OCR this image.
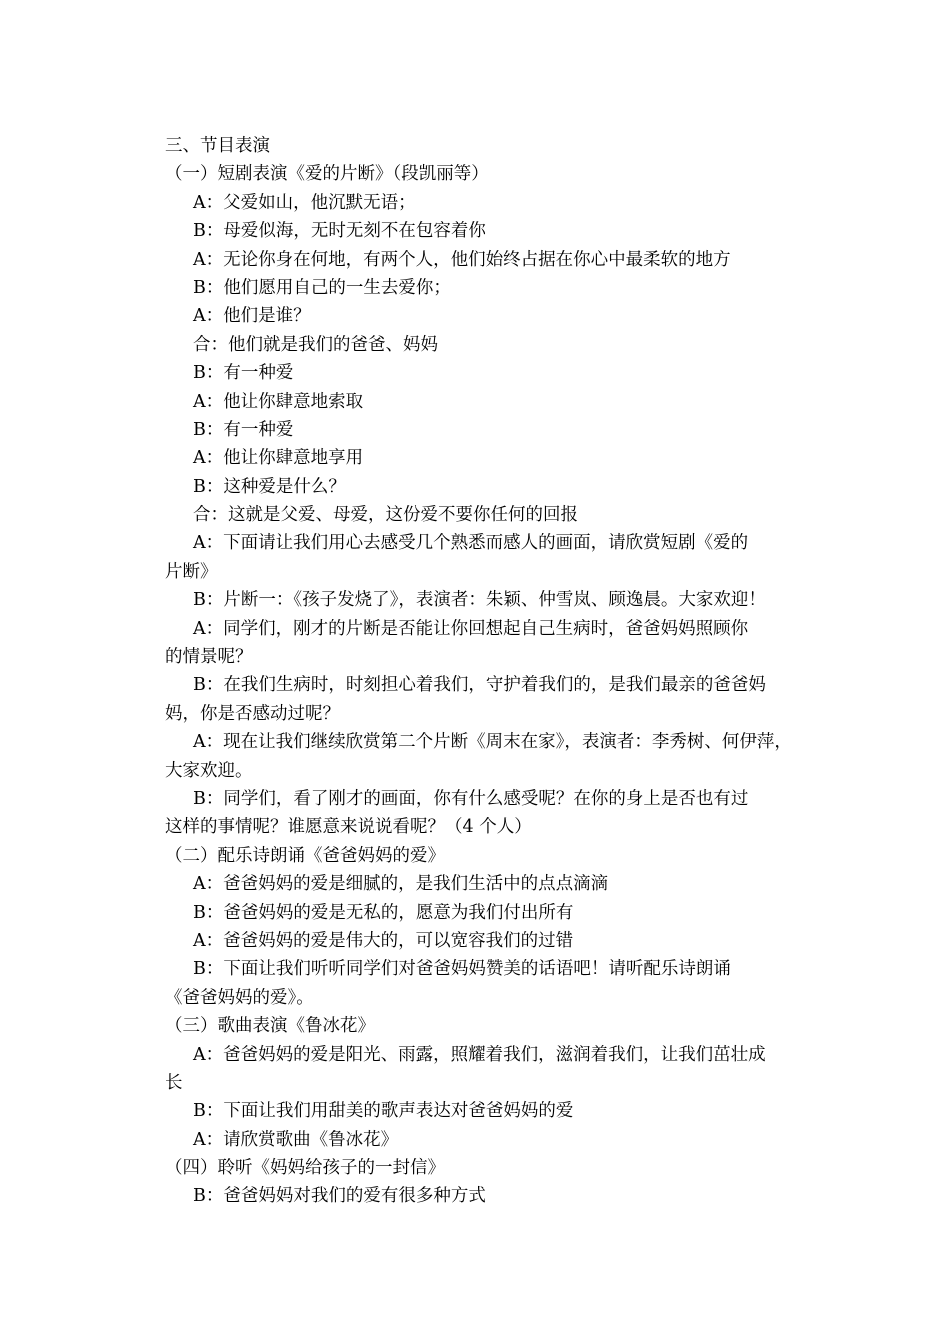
三、节目表演
（一）短剧表演《爱的片断》（段凯丽等）
A：父爱如山，他沉默无语；
B：母爱似海，无时无刻不在包容着你
A：无论你身在何地，有两个人，他们始终占据在你心中最柔软的地方
B：他们愿用自己的一生去爱你；
A：他们是谁？
合：他们就是我们的爸爸、妈妈
B：有一种爱
A：他让你肆意地索取
B：有一种爱
A：他让你肆意地享用
B：这种爱是什么？
合：这就是父爱、母爱，这份爱不要你任何的回报
A：下面请让我们用心去感受几个熟悉而感人的画面，请欣赏短剧《爱的
片断》
B：片断一：《孩子发烧了》，表演者：朱颖、仲雪岚、顾逸晨。大家欢迎！
A：同学们，刚才的片断是否能让你回想起自己生病时，爸爸妈妈照顾你
的情景呢？
B：在我们生病时，时刻担心着我们，守护着我们的，是我们最亲的爸爸妈
妈，你是否感动过呢？
A：现在让我们继续欣赏第二个片断《周末在家》，表演者：李秀树、何伊萍，
大家欢迎。
B：同学们，看了刚才的画面，你有什么感受呢？在你的身上是否也有过
这样的事情呢？谁愿意来说说看呢？（4 个人）
（二）配乐诗朗诵《爸爸妈妈的爱》
A：爸爸妈妈的爱是细腻的，是我们生活中的点点滴滴
B：爸爸妈妈的爱是无私的，愿意为我们付出所有
A：爸爸妈妈的爱是伟大的，可以宽容我们的过错
B：下面让我们听听同学们对爸爸妈妈赞美的话语吧！请听配乐诗朗诵
《爸爸妈妈的爱》。
（三）歌曲表演《鲁冰花》
A：爸爸妈妈的爱是阳光、雨露，照耀着我们，滋润着我们，让我们茁壮成
长
B：下面让我们用甜美的歌声表达对爸爸妈妈的爱
A：请欣赏歌曲《鲁冰花》
（四）聆听《妈妈给孩子的一封信》
B：爸爸妈妈对我们的爱有很多种方式
